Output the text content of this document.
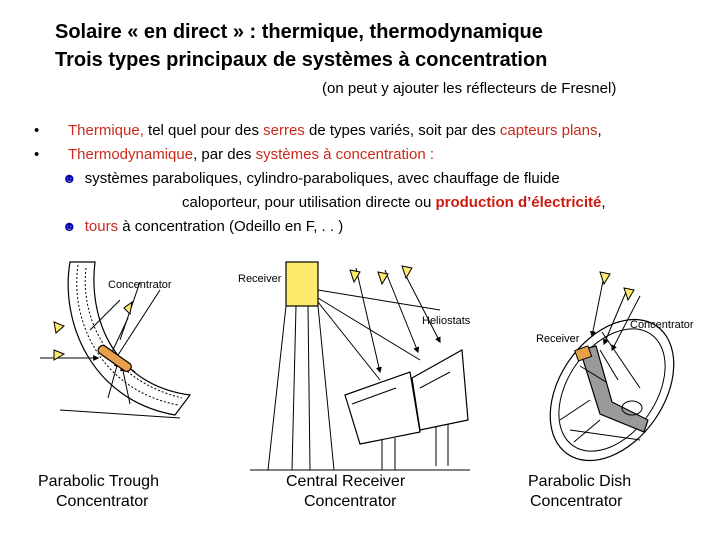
Solaire « en direct » : thermique, thermodynamique
Trois types principaux de systèmes à concentration
(on peut y ajouter les réflecteurs de Fresnel)
• Thermique, tel quel pour des serres de types variés, soit par des capteurs plans,
• Thermodynamique, par des systèmes à concentration :
☻ systèmes paraboliques, cylindro-paraboliques, avec chauffage de fluide
caloporteur, pour utilisation directe ou production d’électricité,
☻ tours à concentration (Odeillo en F, . . )
Concentrator
Parabolic Trough
Concentrator
Receiver
Heliostats
Central Receiver
Concentrator
Concentrator
Receiver
Parabolic Dish
Concentrator
